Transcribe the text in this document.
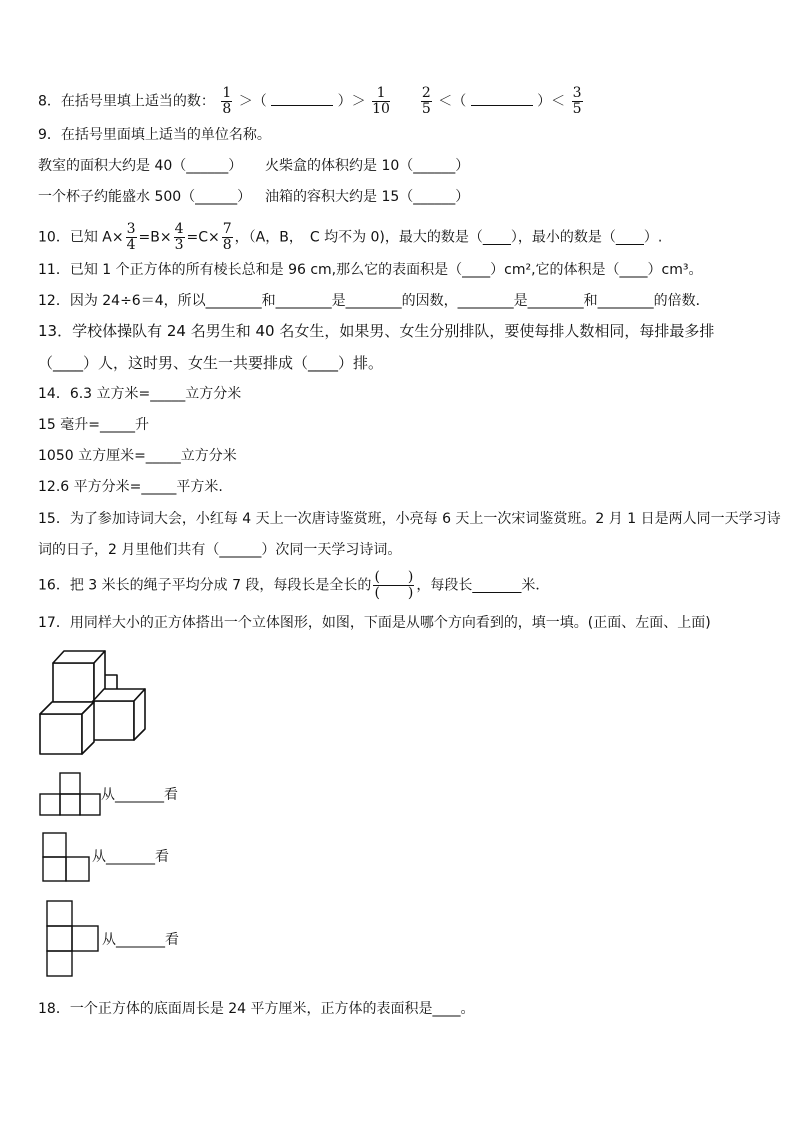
8．在括号里填上适当的数： $\frac{1}{8}$ ＞（	）＞ $\frac{1}{10}$
$\frac{2}{5}$ ＜（	）＜ $\frac{3}{5}$
9．在括号里面填上适当的单位名称。
教室的面积大约是 40（______） 火柴盒的体积约是 10（______）
一个杯子约能盛水 500（______） 油箱的容积大约是 15（______）
10．已知 $A\times \frac{3}{4} =B\times \frac{4}{3} =C\times \frac{7}{8}$ ，（A，B，　C 均不为 0)，最大的数是（____），最小的数是（____）.
11．已知 1 个正方体的所有棱长总和是 96 cm,那么它的表面积是（____）cm²,它的体积是（____）cm³。
12．因为 24÷6＝4，所以________和________是________的因数，________是________和________的倍数．
13．学校体操队有 24 名男生和 40 名女生，如果男、女生分别排队，要使每排人数相同，每排最多排
（____）人，这时男、女生一共要排成（____）排。
14．6.3 立方米=_____立方分米
15 毫升=_____升
1050 立方厘米=_____立方分米
12.6 平方分米=_____平方米.
15．为了参加诗词大会，小红每 4 天上一次唐诗鉴赏班，小亮每 6 天上一次宋词鉴赏班。2 月 1 日是两人同一天学习诗
词的日子，2 月里他们共有（______）次同一天学习诗词。
16．把 3 米长的绳子平均分成 7 段，每段长是全长的 $\frac{( )}{( )}$ ，每段长_______米．
17．用同样大小的正方体搭出一个立体图形，如图，下面是从哪个方向看到的，填一填。(正面、左面、上面)
从_______看
从_______看
从_______看
18．一个正方体的底面周长是 24 平方厘米，正方体的表面积是____。
